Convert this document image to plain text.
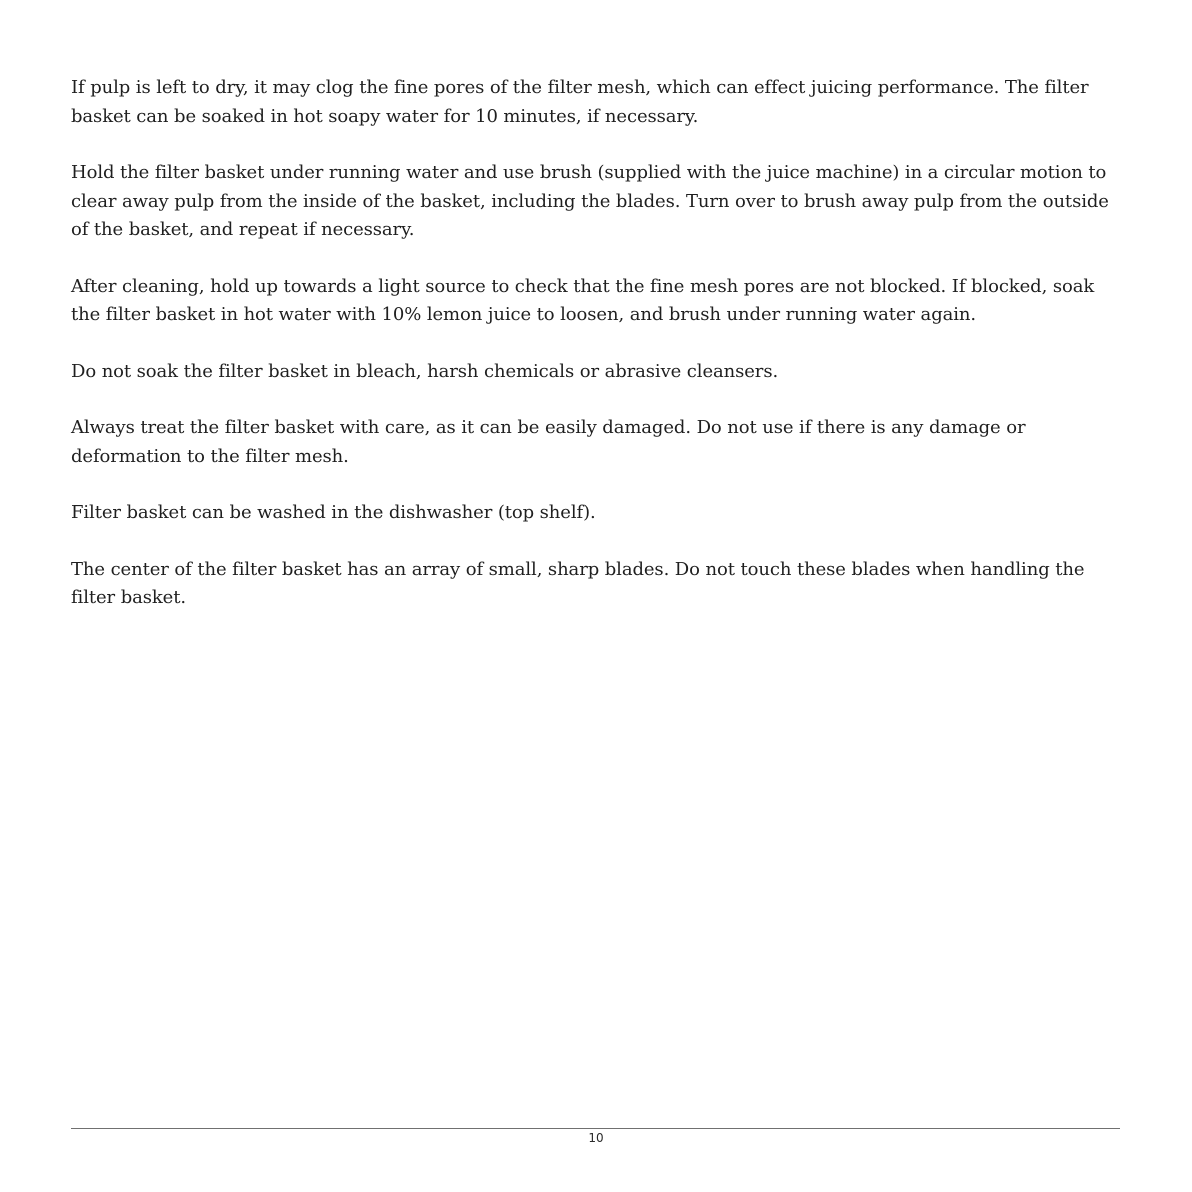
If pulp is left to dry, it may clog the fine pores of the filter mesh, which can effect juicing performance. The filter basket can be soaked in hot soapy water for 10 minutes, if necessary.

Hold the filter basket under running water and use brush (supplied with the juice machine) in a circular motion to clear away pulp from the inside of the basket, including the blades. Turn over to brush away pulp from the outside of the basket, and repeat if necessary.

After cleaning, hold up towards a light source to check that the fine mesh pores are not blocked. If blocked, soak the filter basket in hot water with 10% lemon juice to loosen, and brush under running water again.

Do not soak the filter basket in bleach, harsh chemicals or abrasive cleansers.

Always treat the filter basket with care, as it can be easily damaged. Do not use if there is any damage or deformation to the filter mesh.

Filter basket can be washed in the dishwasher (top shelf).

The center of the filter basket has an array of small, sharp blades. Do not touch these blades when handling the filter basket.

10
